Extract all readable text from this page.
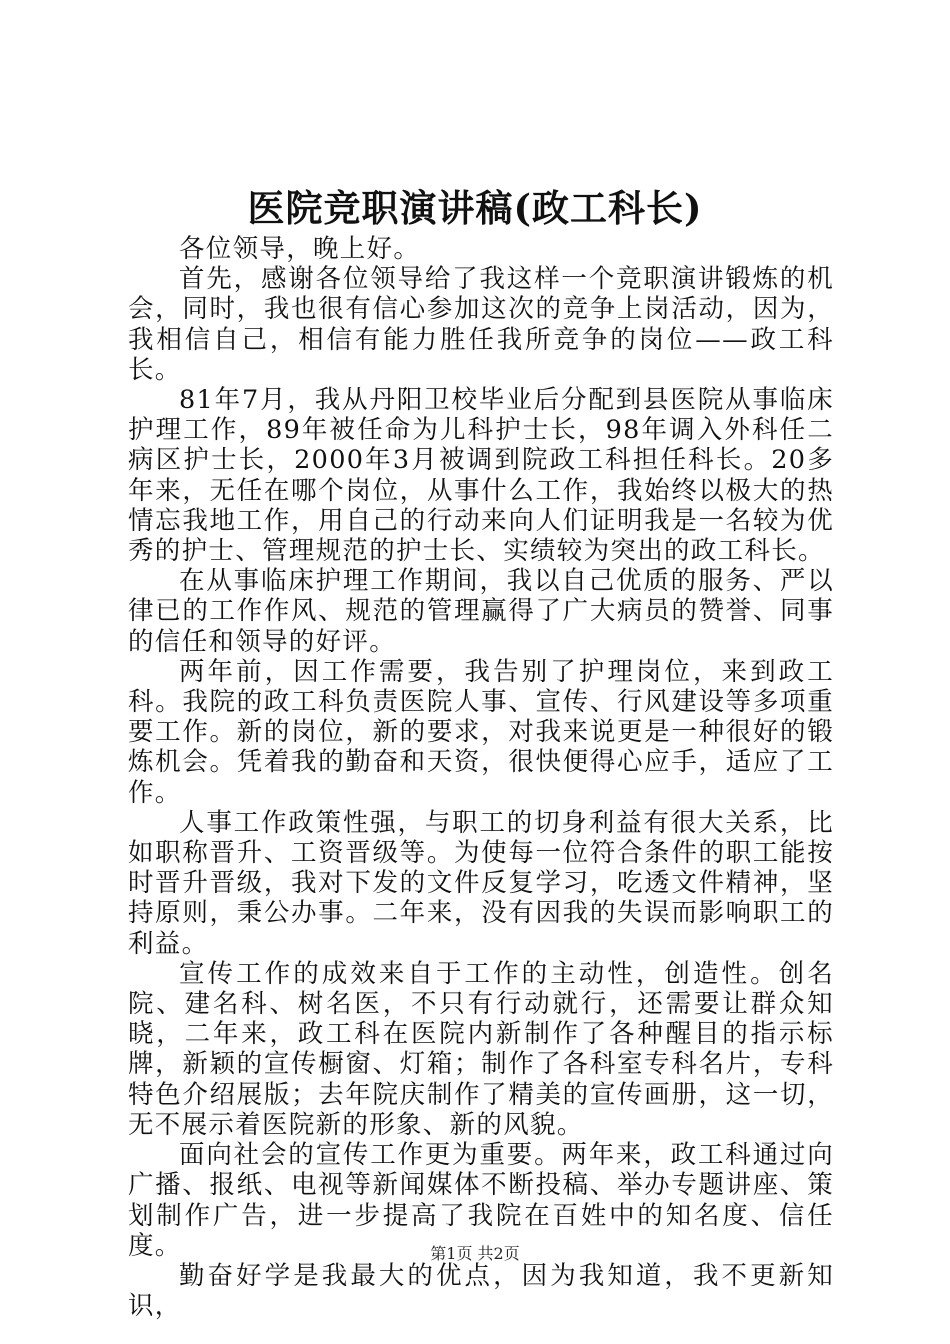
医院竞职演讲稿(政工科长)

各位领导，晚上好。

首先，感谢各位领导给了我这样一个竞职演讲锻炼的机会，同时，我也很有信心参加这次的竞争上岗活动，因为，我相信自己，相信有能力胜任我所竞争的岗位——政工科长。

81年7月，我从丹阳卫校毕业后分配到县医院从事临床护理工作，89年被任命为儿科护士长，98年调入外科任二病区护士长，2000年3月被调到院政工科担任科长。20多年来，无任在哪个岗位，从事什么工作，我始终以极大的热情忘我地工作，用自己的行动来向人们证明我是一名较为优秀的护士、管理规范的护士长、实绩较为突出的政工科长。

在从事临床护理工作期间，我以自己优质的服务、严以律已的工作作风、规范的管理赢得了广大病员的赞誉、同事的信任和领导的好评。

两年前，因工作需要，我告别了护理岗位，来到政工科。我院的政工科负责医院人事、宣传、行风建设等多项重要工作。新的岗位，新的要求，对我来说更是一种很好的锻炼机会。凭着我的勤奋和天资，很快便得心应手，适应了工作。

人事工作政策性强，与职工的切身利益有很大关系，比如职称晋升、工资晋级等。为使每一位符合条件的职工能按时晋升晋级，我对下发的文件反复学习，吃透文件精神，坚持原则，秉公办事。二年来，没有因我的失误而影响职工的利益。

宣传工作的成效来自于工作的主动性，创造性。创名院、建名科、树名医，不只有行动就行，还需要让群众知晓，二年来，政工科在医院内新制作了各种醒目的指示标牌，新颖的宣传橱窗、灯箱；制作了各科室专科名片，专科特色介绍展版；去年院庆制作了精美的宣传画册，这一切，无不展示着医院新的形象、新的风貌。

面向社会的宣传工作更为重要。两年来，政工科通过向广播、报纸、电视等新闻媒体不断投稿、举办专题讲座、策划制作广告，进一步提高了我院在百姓中的知名度、信任度。

勤奋好学是我最大的优点，因为我知道，我不更新知识，

第1页 共2页
